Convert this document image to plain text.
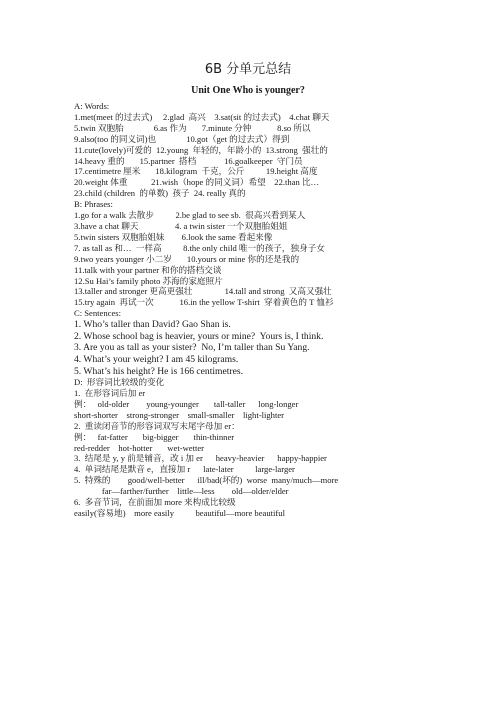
6B 分单元总结
Unit One Who is younger?
A: Words:
1.met(meet 的过去式)     2.glad  高兴    3.sat(sit 的过去式)    4.chat 聊天
5.twin 双胞胎              6.as 作为       7.minute 分钟            8.so 所以
9.also(too 的同义词)也              10.got（get 的过去式）得到
11.cute(lovely)可爱的  12.young  年轻的，年龄小的  13.strong  强壮的
14.heavy 重的       15.partner  搭档             16.goalkeeper  守门员
17.centimetre 厘米       18.kilogram  千克，公斤          19.height 高度
20.weight 体重           21.wish（hope 的同义词）希望    22.than 比…
23.child (children  的单数)  孩子  24. really 真的
B: Phrases:
1.go for a walk 去散步          2.be glad to see sb.  很高兴看到某人
3.have a chat 聊天                 4. a twin sister 一个双胞胎姐姐
5.twin sisters 双胞胎姐妹        6.look the same 看起来像
7. as tall as 和…  一样高          8.the only child 唯一的孩子，独身子女
9.two years younger 小二岁       10.yours or mine 你的还是我的
11.talk with your partner 和你的搭档交谈
12.Su Hai’s family photo 苏海的家庭照片
13.taller and stronger 更高更强壮               14.tall and strong  又高又强壮
15.try again  再试一次            16.in the yellow T-shirt  穿着黄色的 T 恤衫
C: Sentences:
1. Who’s taller than David? Gao Shan is.
2. Whose school bag is heavier, yours or mine?  Yours is, I think.
3. Are you as tall as your sister?  No, I’m taller than Su Yang.
4. What’s your weight? I am 45 kilograms.
5. What’s his height? He is 166 centimetres.
D:  形容词比较级的变化
1.  在形容词后加 er
例：   old-older        young-younger       tall-taller      long-longer
short-shorter    strong-stronger    small-smaller    light-lighter
2.  重读闭音节的形容词双写末尾字母加 er：
例：   fat-fatter       big-bigger       thin-thinner
red-redder    hot-hotter       wet-wetter
3.  结尾是 y, y 前是辅音，改 i 加 er      heavy-heavier      happy-happier
4.  单词结尾是默音 e，直接加 r      late-later          large-larger
5.  特殊的        good/well-better      ill/bad(坏的)  worse  many/much—more
far—farther/further    little—less        old—older/elder
6.  多音节词，在前面加 more 来构成比较级
easily(容易地)    more easily          beautiful—more beautiful
